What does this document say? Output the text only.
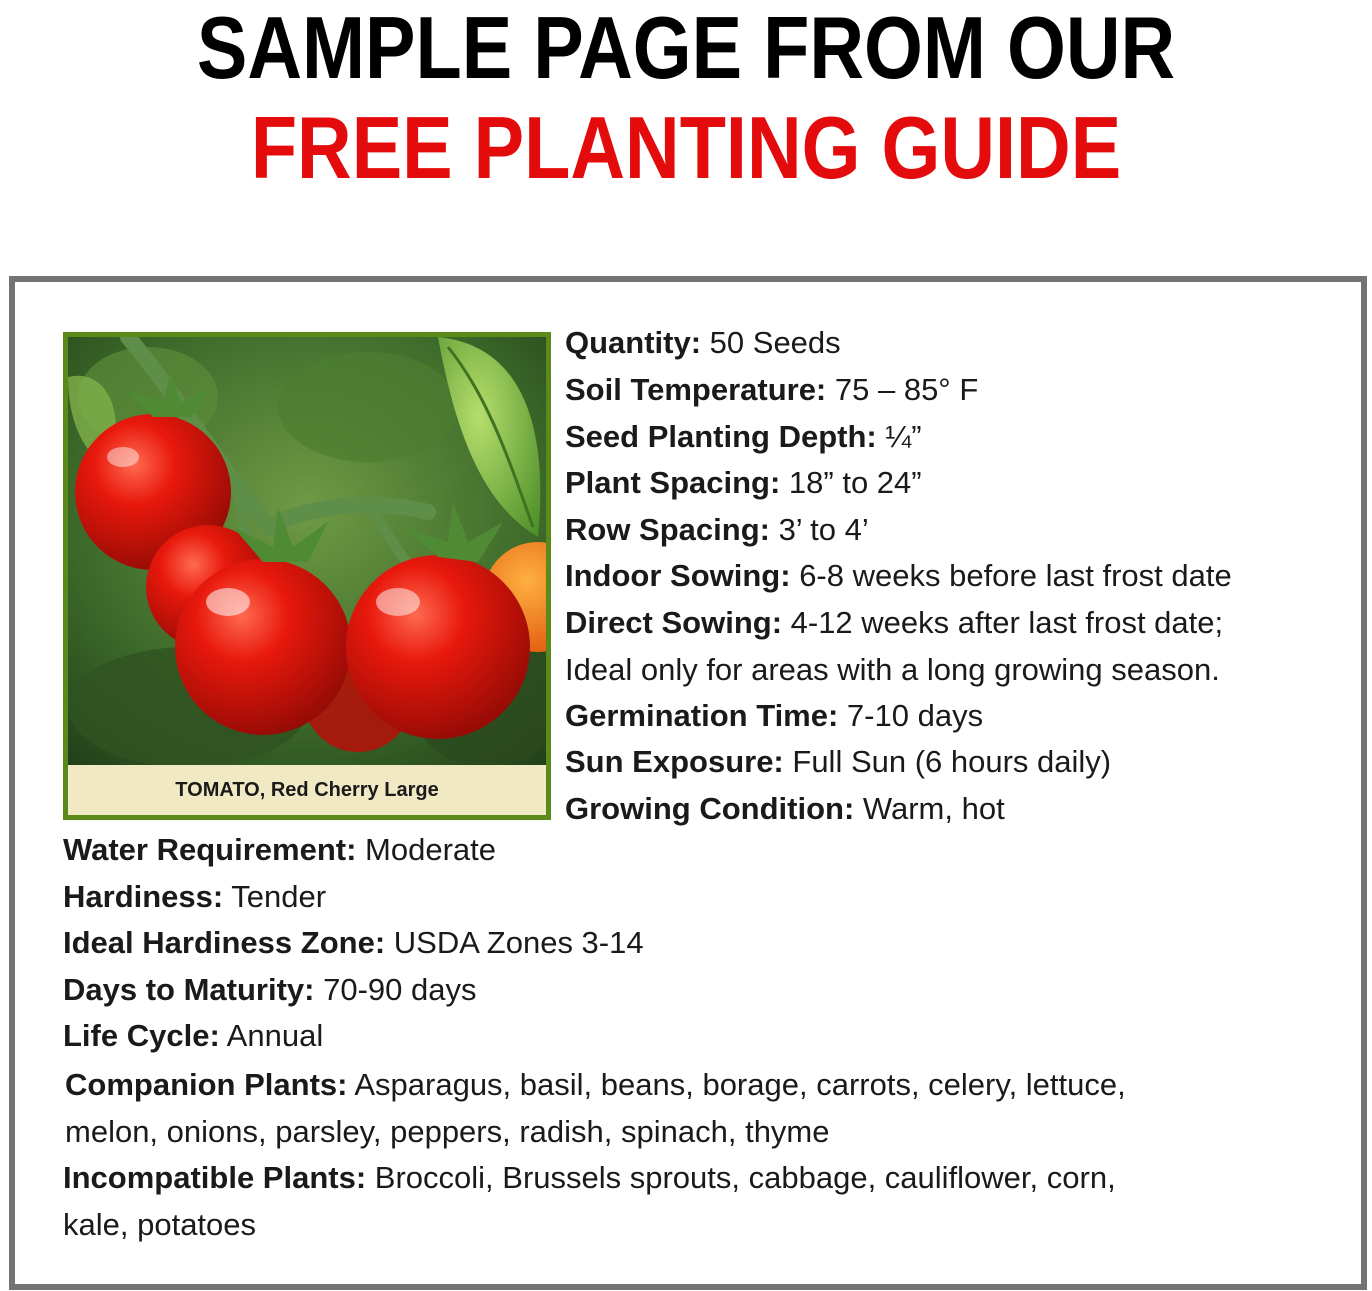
SAMPLE PAGE FROM OUR
FREE PLANTING GUIDE
TOMATO, Red Cherry Large
Quantity: 50 Seeds
Soil Temperature: 75 – 85° F
Seed Planting Depth: ¼”
Plant Spacing: 18” to 24”
Row Spacing: 3’ to 4’
Indoor Sowing: 6-8 weeks before last frost date
Direct Sowing: 4-12 weeks after last frost date;
Ideal only for areas with a long growing season.
Germination Time: 7-10 days
Sun Exposure: Full Sun (6 hours daily)
Growing Condition: Warm, hot
Water Requirement: Moderate
Hardiness: Tender
Ideal Hardiness Zone: USDA Zones 3-14
Days to Maturity: 70-90 days
Life Cycle: Annual
Companion Plants: Asparagus, basil, beans, borage, carrots, celery, lettuce,
melon, onions, parsley, peppers, radish, spinach, thyme
Incompatible Plants: Broccoli, Brussels sprouts, cabbage, cauliflower, corn,
kale, potatoes
